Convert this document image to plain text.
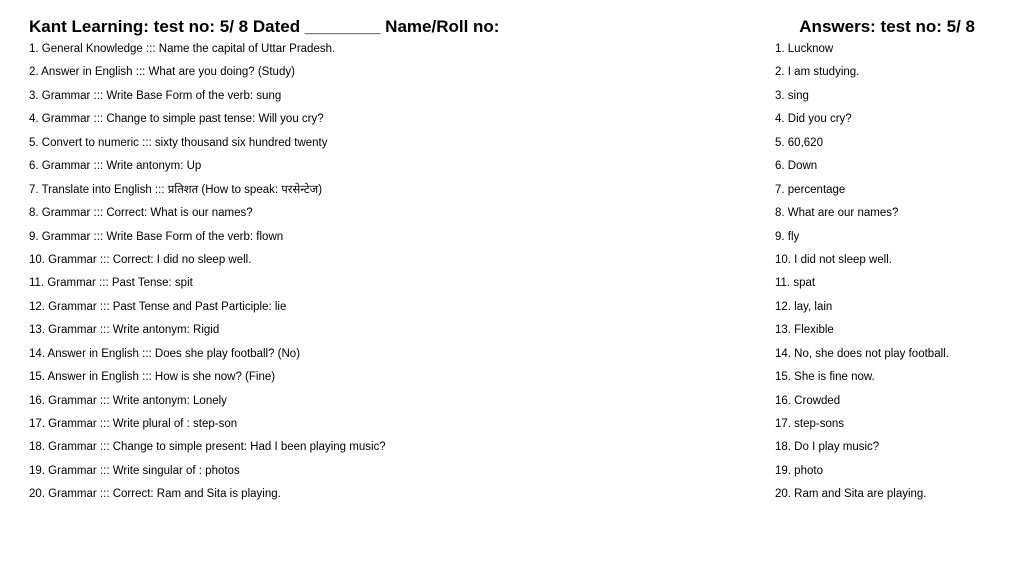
Kant Learning: test no: 5/ 8 Dated ________ Name/Roll no:	Answers: test no: 5/ 8
1. General Knowledge ::: Name the capital of Uttar Pradesh.
2. Answer in English ::: What are you doing? (Study)
3. Grammar ::: Write Base Form of the verb: sung
4. Grammar ::: Change to simple past tense: Will you cry?
5. Convert to numeric ::: sixty thousand six hundred twenty
6. Grammar ::: Write antonym: Up
7. Translate into English ::: प्रतिशत (How to speak: परसेन्टेज)
8. Grammar ::: Correct: What is our names?
9. Grammar ::: Write Base Form of the verb: flown
10. Grammar ::: Correct: I did no sleep well.
11. Grammar ::: Past Tense: spit
12. Grammar ::: Past Tense and Past Participle: lie
13. Grammar ::: Write antonym: Rigid
14. Answer in English ::: Does she play football? (No)
15. Answer in English ::: How is she now? (Fine)
16. Grammar ::: Write antonym: Lonely
17. Grammar ::: Write plural of : step-son
18. Grammar ::: Change to simple present: Had I been playing music?
19. Grammar ::: Write singular of : photos
20. Grammar ::: Correct: Ram and Sita is playing.
1. Lucknow
2. I am studying.
3. sing
4. Did you cry?
5. 60,620
6. Down
7. percentage
8. What are our names?
9. fly
10. I did not sleep well.
11. spat
12. lay, lain
13. Flexible
14. No, she does not play football.
15. She is fine now.
16. Crowded
17. step-sons
18. Do I play music?
19. photo
20. Ram and Sita are playing.
